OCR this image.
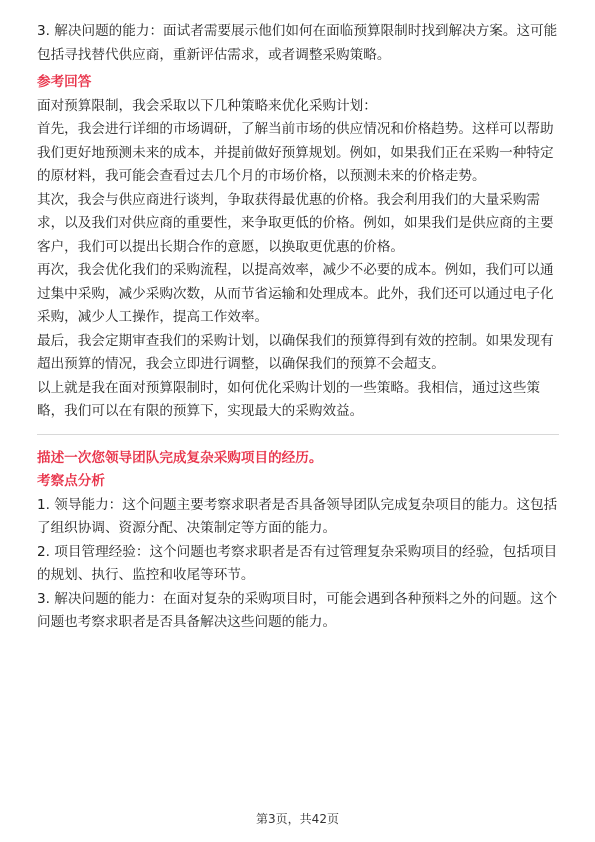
3. 解决问题的能力：面试者需要展示他们如何在面临预算限制时找到解决方案。这可能包括寻找替代供应商，重新评估需求，或者调整采购策略。

参考回答

面对预算限制，我会采取以下几种策略来优化采购计划：

首先，我会进行详细的市场调研，了解当前市场的供应情况和价格趋势。这样可以帮助我们更好地预测未来的成本，并提前做好预算规划。例如，如果我们正在采购一种特定的原材料，我可能会查看过去几个月的市场价格，以预测未来的价格走势。

其次，我会与供应商进行谈判，争取获得最优惠的价格。我会利用我们的大量采购需求，以及我们对供应商的重要性，来争取更低的价格。例如，如果我们是供应商的主要客户，我们可以提出长期合作的意愿，以换取更优惠的价格。

再次，我会优化我们的采购流程，以提高效率，减少不必要的成本。例如，我们可以通过集中采购，减少采购次数，从而节省运输和处理成本。此外，我们还可以通过电子化采购，减少人工操作，提高工作效率。

最后，我会定期审查我们的采购计划，以确保我们的预算得到有效的控制。如果发现有超出预算的情况，我会立即进行调整，以确保我们的预算不会超支。

以上就是我在面对预算限制时，如何优化采购计划的一些策略。我相信，通过这些策略，我们可以在有限的预算下，实现最大的采购效益。

描述一次您领导团队完成复杂采购项目的经历。

考察点分析

1. 领导能力：这个问题主要考察求职者是否具备领导团队完成复杂项目的能力。这包括了组织协调、资源分配、决策制定等方面的能力。

2. 项目管理经验：这个问题也考察求职者是否有过管理复杂采购项目的经验，包括项目的规划、执行、监控和收尾等环节。

3. 解决问题的能力：在面对复杂的采购项目时，可能会遇到各种预料之外的问题。这个问题也考察求职者是否具备解决这些问题的能力。

第3页，共42页
